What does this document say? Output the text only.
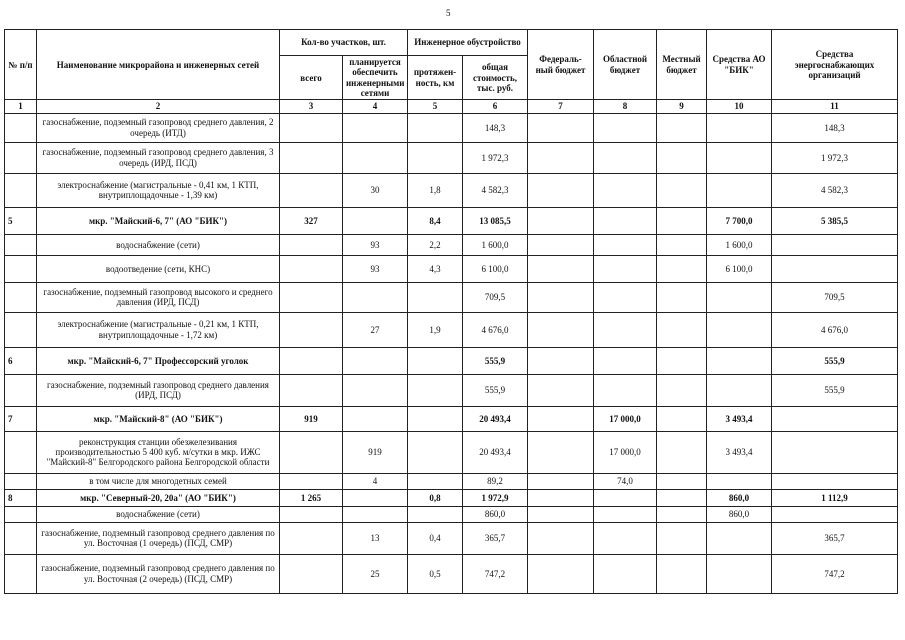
5
№ п/п	Наименование микрорайона и инженерных сетей	Кол-во участков, шт.		Инженерное обустройство		Федераль-ный бюджет	Областной бюджет	Местный бюджет	Средства АО "БИК"	Средства энергоснабжающих организаций
		всего	планируется обеспечить инженерными сетями	протяжен-ность, км	общая стоимость, тыс. руб.					
1	2	3	4	5	6	7	8	9	10	11
	газоснабжение, подземный газопровод среднего давления, 2 очередь (ИТД)				148,3					148,3
	газоснабжение, подземный газопровод среднего давления, 3 очередь (ИРД, ПСД)				1 972,3					1 972,3
	электроснабжение (магистральные - 0,41 км, 1 КТП, внутриплощадочные - 1,39 км)		30	1,8	4 582,3					4 582,3
5	мкр. "Майский-6, 7" (АО "БИК")	327		8,4	13 085,5				7 700,0	5 385,5
	водоснабжение (сети)		93	2,2	1 600,0				1 600,0	
	водоотведение (сети, КНС)		93	4,3	6 100,0				6 100,0	
	газоснабжение, подземный газопровод высокого и среднего давления (ИРД, ПСД)				709,5					709,5
	электроснабжение (магистральные - 0,21 км, 1 КТП, внутриплощадочные - 1,72 км)		27	1,9	4 676,0					4 676,0
6	мкр. "Майский-6, 7" Профессорский уголок				555,9					555,9
	газоснабжение, подземный газопровод среднего давления (ИРД, ПСД)				555,9					555,9
7	мкр. "Майский-8" (АО "БИК")	919			20 493,4		17 000,0		3 493,4	
	реконструкция станции обезжелезивания производительностью 5 400 куб. м/сутки в мкр. ИЖС "Майский-8" Белгородского района Белгородской области		919		20 493,4		17 000,0		3 493,4	
	в том числе для многодетных семей		4		89,2		74,0			
8	мкр. "Северный-20, 20а" (АО "БИК")	1 265		0,8	1 972,9				860,0	1 112,9
	водоснабжение (сети)				860,0				860,0	
	газоснабжение, подземный газопровод среднего давления по ул. Восточная (1 очередь) (ПСД, СМР)		13	0,4	365,7					365,7
	газоснабжение, подземный газопровод среднего давления по ул. Восточная (2 очередь) (ПСД, СМР)		25	0,5	747,2					747,2
